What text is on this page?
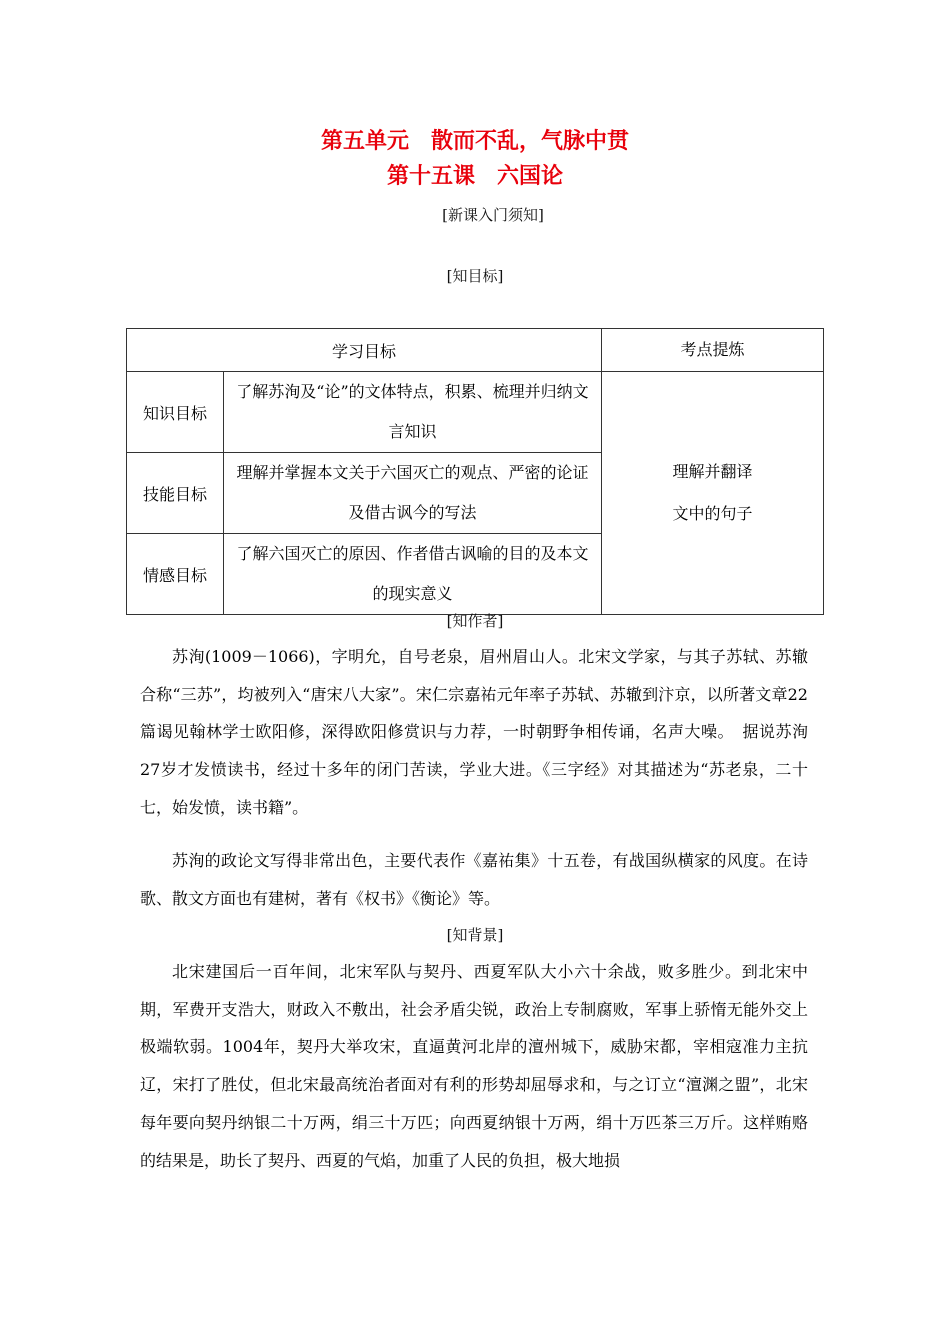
第五单元　散而不乱，气脉中贯
第十五课　六国论
[新课入门须知]
[知目标]
学习目标		考点提炼
知识目标	了解苏洵及“论”的文体特点，积累、梳理并归纳文言知识	理解并翻译
文中的句子

技能目标	理解并掌握本文关于六国灭亡的观点、严密的论证及借古讽今的写法	
情感目标	了解六国灭亡的原因、作者借古讽喻的目的及本文的现实意义	
[知作者]

苏洵(1009－1066)，字明允，自号老泉，眉州眉山人。北宋文学家，与其子苏轼、苏辙合称“三苏”，均被列入“唐宋八大家”。宋仁宗嘉祐元年率子苏轼、苏辙到汴京，以所著文章22篇谒见翰林学士欧阳修，深得欧阳修赏识与力荐，一时朝野争相传诵，名声大噪。　据说苏洵27岁才发愤读书，经过十多年的闭门苦读，学业大进。《三字经》对其描述为“苏老泉，二十七，始发愤，读书籍”。

苏洵的政论文写得非常出色，主要代表作《嘉祐集》十五卷，有战国纵横家的风度。在诗歌、散文方面也有建树，著有《权书》《衡论》等。

[知背景]

北宋建国后一百年间，北宋军队与契丹、西夏军队大小六十余战，败多胜少。到北宋中期，军费开支浩大，财政入不敷出，社会矛盾尖锐，政治上专制腐败，军事上骄惰无能外交上极端软弱。1004年，契丹大举攻宋，直逼黄河北岸的澶州城下，威胁宋都，宰相寇准力主抗辽，宋打了胜仗，但北宋最高统治者面对有利的形势却屈辱求和，与之订立“澶渊之盟”，北宋每年要向契丹纳银二十万两，绢三十万匹；向西夏纳银十万两，绢十万匹茶三万斤。这样贿赂的结果是，助长了契丹、西夏的气焰，加重了人民的负担，极大地损
